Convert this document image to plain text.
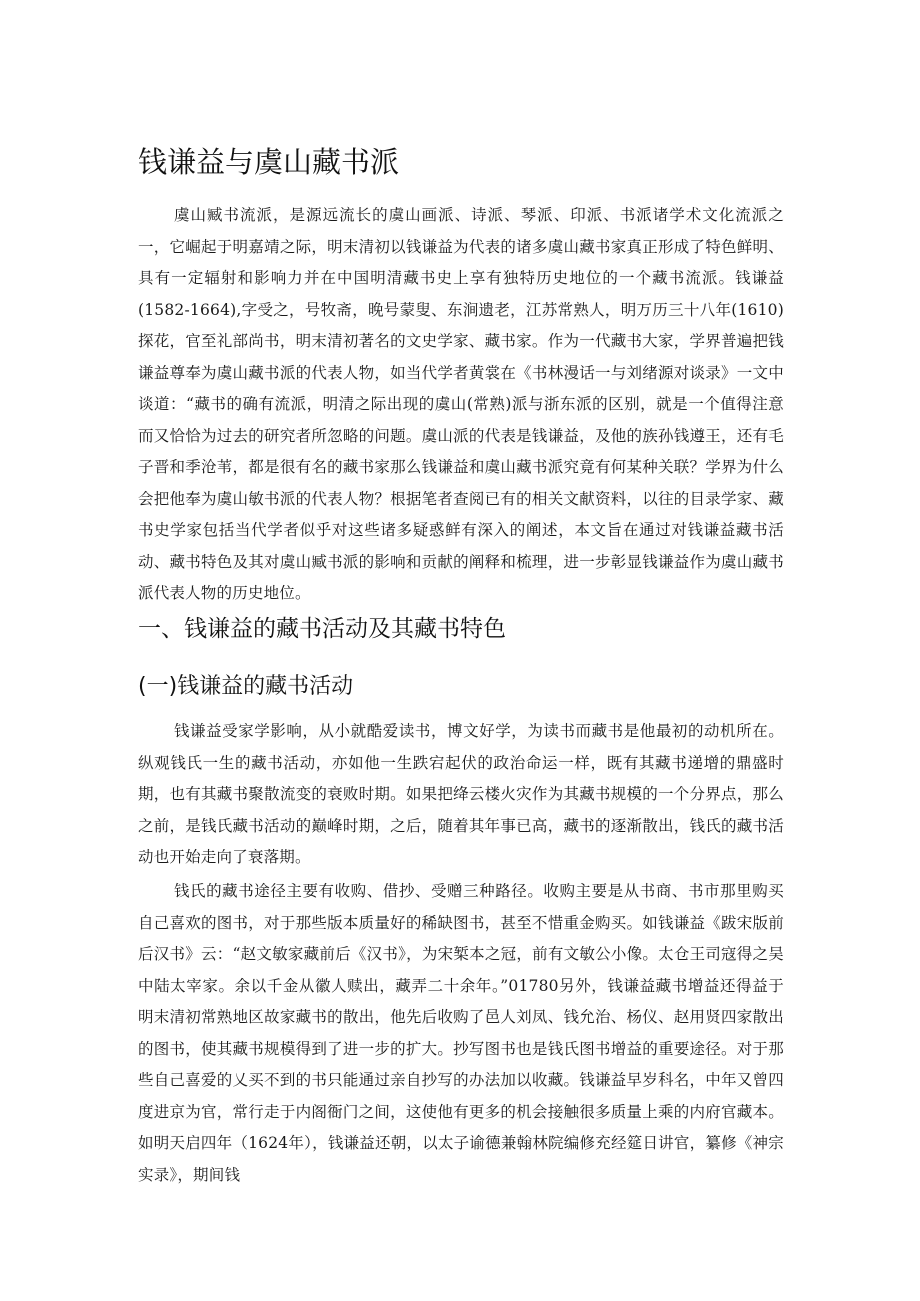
钱谦益与虞山藏书派

虞山臧书流派，是源远流长的虞山画派、诗派、琴派、印派、书派诸学术文化流派之一，它崛起于明嘉靖之际，明末清初以钱谦益为代表的诸多虞山藏书家真正形成了特色鲜明、具有一定辐射和影响力并在中国明清藏书史上享有独特历史地位的一个藏书流派。钱谦益(1582-1664),字受之，号牧斋，晚号蒙叟、东涧遗老，江苏常熟人，明万历三十八年(1610)探花，官至礼部尚书，明末清初著名的文史学家、藏书家。作为一代藏书大家，学界普遍把钱谦益尊奉为虞山藏书派的代表人物，如当代学者黄裳在《书林漫话一与刘绪源对谈录》一文中谈道：“藏书的确有流派，明清之际出现的虞山(常熟)派与浙东派的区别，就是一个值得注意而又恰恰为过去的研究者所忽略的问题。虞山派的代表是钱谦益，及他的族孙钱遵王，还有毛子晋和季沧苇，都是很有名的藏书家那么钱谦益和虞山藏书派究竟有何某种关联？学界为什么会把他奉为虞山敏书派的代表人物？根据笔者查阅已有的相关文献资料，以往的目录学家、藏书史学家包括当代学者似乎对这些诸多疑惑鲜有深入的阐述，本文旨在通过对钱谦益藏书活动、藏书特色及其对虞山臧书派的影响和贡献的阐释和梳理，进一步彰显钱谦益作为虞山藏书派代表人物的历史地位。

一、钱谦益的藏书活动及其藏书特色
(一)钱谦益的藏书活动

钱谦益受家学影响，从小就酷爱读书，博文好学，为读书而藏书是他最初的动机所在。纵观钱氏一生的藏书活动，亦如他一生跌宕起伏的政治命运一样，既有其藏书递增的鼎盛时期，也有其藏书聚散流变的衰败时期。如果把绛云楼火灾作为其藏书规模的一个分界点，那么之前，是钱氏藏书活动的巅峰时期，之后，随着其年事已高，藏书的逐渐散出，钱氏的藏书活动也开始走向了衰落期。

钱氏的藏书途径主要有收购、借抄、受赠三种路径。收购主要是从书商、书市那里购买自己喜欢的图书，对于那些版本质量好的稀缺图书，甚至不惜重金购买。如钱谦益《跋宋版前后汉书》云：“赵文敏家藏前后《汉书》，为宋椠本之冠，前有文敏公小像。太仓王司寇得之吴中陆太宰家。余以千金从徽人赎出，藏弄二十余年。”01780另外，钱谦益藏书增益还得益于明末清初常熟地区故家藏书的散出，他先后收购了邑人刘凤、钱允治、杨仪、赵用贤四家散出的图书，使其藏书规模得到了进一步的扩大。抄写图书也是钱氏图书增益的重要途径。对于那些自己喜爱的乂买不到的书只能通过亲自抄写的办法加以收藏。钱谦益早岁科名，中年又曾四度进京为官，常行走于内阁衙门之间，这使他有更多的机会接触很多质量上乘的内府官藏本。如明天启四年（1624年），钱谦益还朝，以太子谕德兼翰林院编修充经筵日讲官，纂修《神宗实录》，期间钱
